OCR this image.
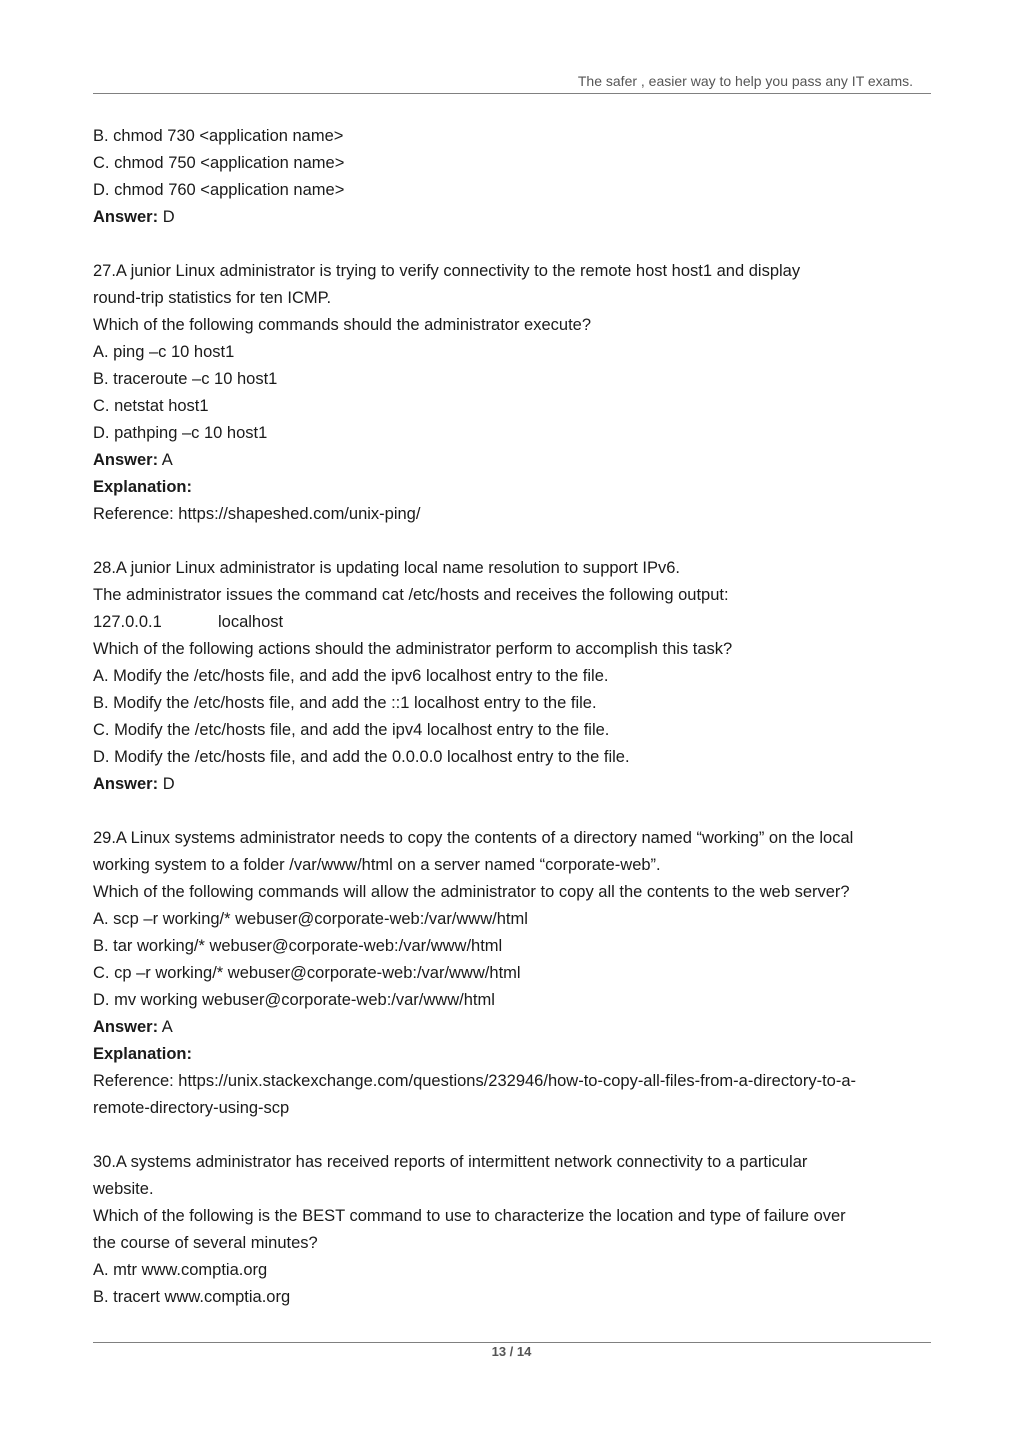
The safer , easier way to help you pass any IT exams.
B. chmod 730 <application name>
C. chmod 750 <application name>
D. chmod 760 <application name>
Answer: D
27.A junior Linux administrator is trying to verify connectivity to the remote host host1 and display
round-trip statistics for ten ICMP.
Which of the following commands should the administrator execute?
A. ping –c 10 host1
B. traceroute –c 10 host1
C. netstat host1
D. pathping –c 10 host1
Answer: A
Explanation:
Reference: https://shapeshed.com/unix-ping/
28.A junior Linux administrator is updating local name resolution to support IPv6.
The administrator issues the command cat /etc/hosts and receives the following output:
127.0.0.1	localhost
Which of the following actions should the administrator perform to accomplish this task?
A. Modify the /etc/hosts file, and add the ipv6 localhost entry to the file.
B. Modify the /etc/hosts file, and add the ::1 localhost entry to the file.
C. Modify the /etc/hosts file, and add the ipv4 localhost entry to the file.
D. Modify the /etc/hosts file, and add the 0.0.0.0 localhost entry to the file.
Answer: D
29.A Linux systems administrator needs to copy the contents of a directory named “working” on the local
working system to a folder /var/www/html on a server named “corporate-web”.
Which of the following commands will allow the administrator to copy all the contents to the web server?
A. scp –r working/* webuser@corporate-web:/var/www/html
B. tar working/* webuser@corporate-web:/var/www/html
C. cp –r working/* webuser@corporate-web:/var/www/html
D. mv working webuser@corporate-web:/var/www/html
Answer: A
Explanation:
Reference: https://unix.stackexchange.com/questions/232946/how-to-copy-all-files-from-a-directory-to-a-
remote-directory-using-scp
30.A systems administrator has received reports of intermittent network connectivity to a particular
website.
Which of the following is the BEST command to use to characterize the location and type of failure over
the course of several minutes?
A. mtr www.comptia.org
B. tracert www.comptia.org
13 / 14
